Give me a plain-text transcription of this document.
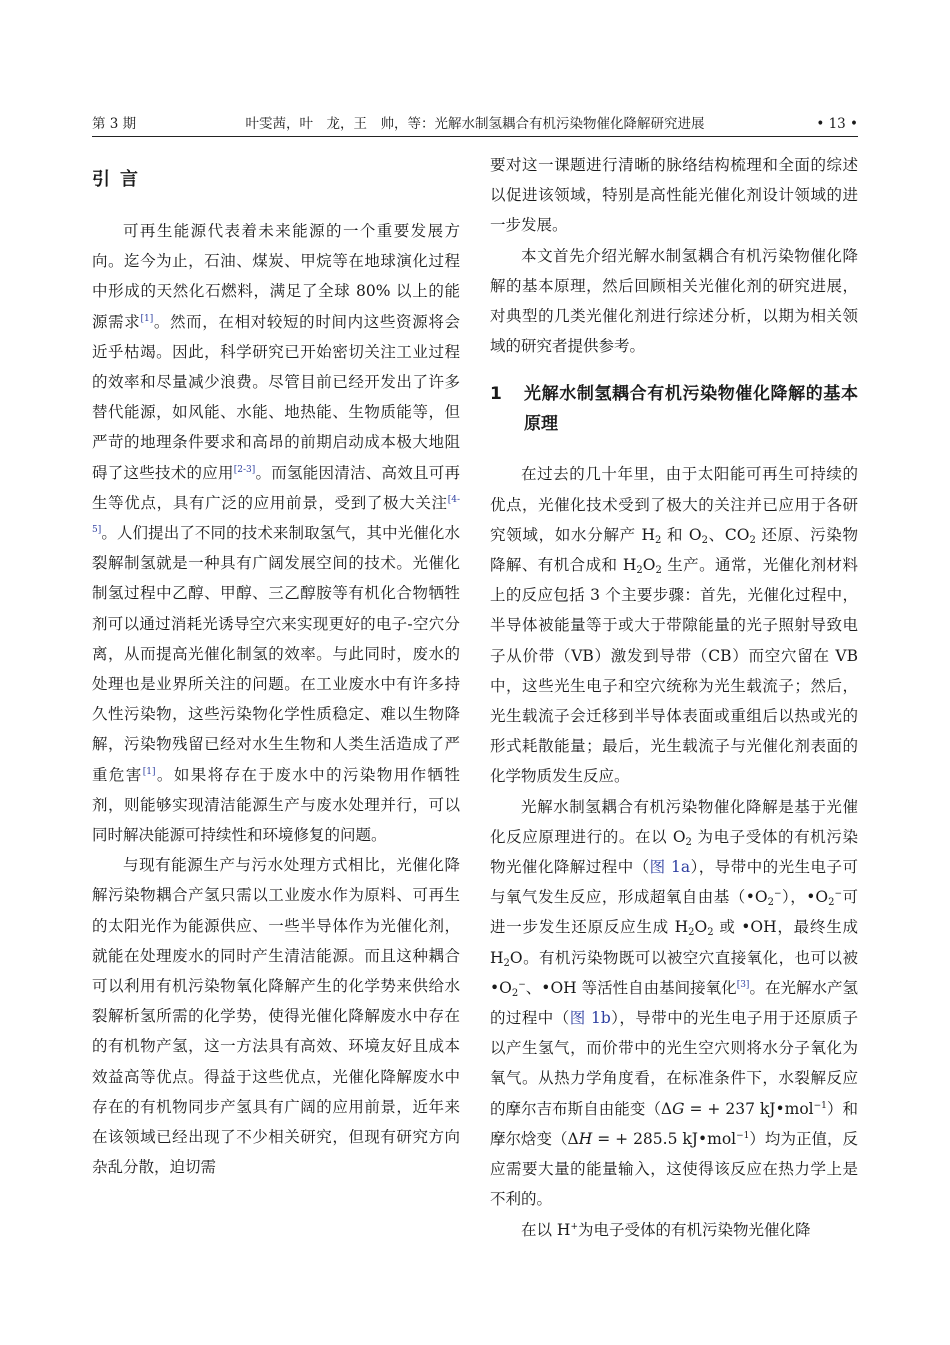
第 3 期	叶雯茜，叶　龙，王　帅，等：光解水制氢耦合有机污染物催化降解研究进展	• 13 •
引言

可再生能源代表着未来能源的一个重要发展方向。迄今为止，石油、煤炭、甲烷等在地球演化过程中形成的天然化石燃料，满足了全球 80% 以上的能源需求[1]。然而，在相对较短的时间内这些资源将会近乎枯竭。因此，科学研究已开始密切关注工业过程的效率和尽量减少浪费。尽管目前已经开发出了许多替代能源，如风能、水能、地热能、生物质能等，但严苛的地理条件要求和高昂的前期启动成本极大地阻碍了这些技术的应用[2-3]。而氢能因清洁、高效且可再生等优点，具有广泛的应用前景，受到了极大关注[4-5]。人们提出了不同的技术来制取氢气，其中光催化水裂解制氢就是一种具有广阔发展空间的技术。光催化制氢过程中乙醇、甲醇、三乙醇胺等有机化合物牺牲剂可以通过消耗光诱导空穴来实现更好的电子-空穴分离，从而提高光催化制氢的效率。与此同时，废水的处理也是业界所关注的问题。在工业废水中有许多持久性污染物，这些污染物化学性质稳定、难以生物降解，污染物残留已经对水生生物和人类生活造成了严重危害[1]。如果将存在于废水中的污染物用作牺牲剂，则能够实现清洁能源生产与废水处理并行，可以同时解决能源可持续性和环境修复的问题。

与现有能源生产与污水处理方式相比，光催化降解污染物耦合产氢只需以工业废水作为原料、可再生的太阳光作为能源供应、一些半导体作为光催化剂，就能在处理废水的同时产生清洁能源。而且这种耦合可以利用有机污染物氧化降解产生的化学势来供给水裂解析氢所需的化学势，使得光催化降解废水中存在的有机物产氢，这一方法具有高效、环境友好且成本效益高等优点。得益于这些优点，光催化降解废水中存在的有机物同步产氢具有广阔的应用前景，近年来在该领域已经出现了不少相关研究，但现有研究方向杂乱分散，迫切需

要对这一课题进行清晰的脉络结构梳理和全面的综述以促进该领域，特别是高性能光催化剂设计领域的进一步发展。

本文首先介绍光解水制氢耦合有机污染物催化降解的基本原理，然后回顾相关光催化剂的研究进展，对典型的几类光催化剂进行综述分析，以期为相关领域的研究者提供参考。

1	光解水制氢耦合有机污染物催化降解的基本原理

在过去的几十年里，由于太阳能可再生可持续的优点，光催化技术受到了极大的关注并已应用于各研究领域，如水分解产 $H_2$ 和 $O_2$、$CO_2$ 还原、污染物降解、有机合成和 $H_2O_2$ 生产。通常，光催化剂材料上的反应包括 3 个主要步骤：首先，光催化过程中，半导体被能量等于或大于带隙能量的光子照射导致电子从价带（VB）激发到导带（CB）而空穴留在 VB 中，这些光生电子和空穴统称为光生载流子；然后，光生载流子会迁移到半导体表面或重组后以热或光的形式耗散能量；最后，光生载流子与光催化剂表面的化学物质发生反应。

光解水制氢耦合有机污染物催化降解是基于光催化反应原理进行的。在以 $O_2$ 为电子受体的有机污染物光催化降解过程中（图 1a），导带中的光生电子可与氧气发生反应，形成超氧自由基$(•O_2^-)$，$•O_2^-$可进一步发生还原反应生成 $H_2O_2$ 或 •OH，最终生成 $H_2O$。有机污染物既可以被空穴直接氧化，也可以被$•O_2^-$、•OH 等活性自由基间接氧化[3]。在光解水产氢的过程中（图 1b），导带中的光生电子用于还原质子以产生氢气，而价带中的光生空穴则将水分子氧化为氧气。从热力学角度看，在标准条件下，水裂解反应的摩尔吉布斯自由能变（ΔG = + 237 kJ•mol$^{-1}$）和摩尔焓变（ΔH = + 285.5 kJ•mol$^{-1}$）均为正值，反应需要大量的能量输入，这使得该反应在热力学上是不利的。

在以 H+为电子受体的有机污染物光催化降
